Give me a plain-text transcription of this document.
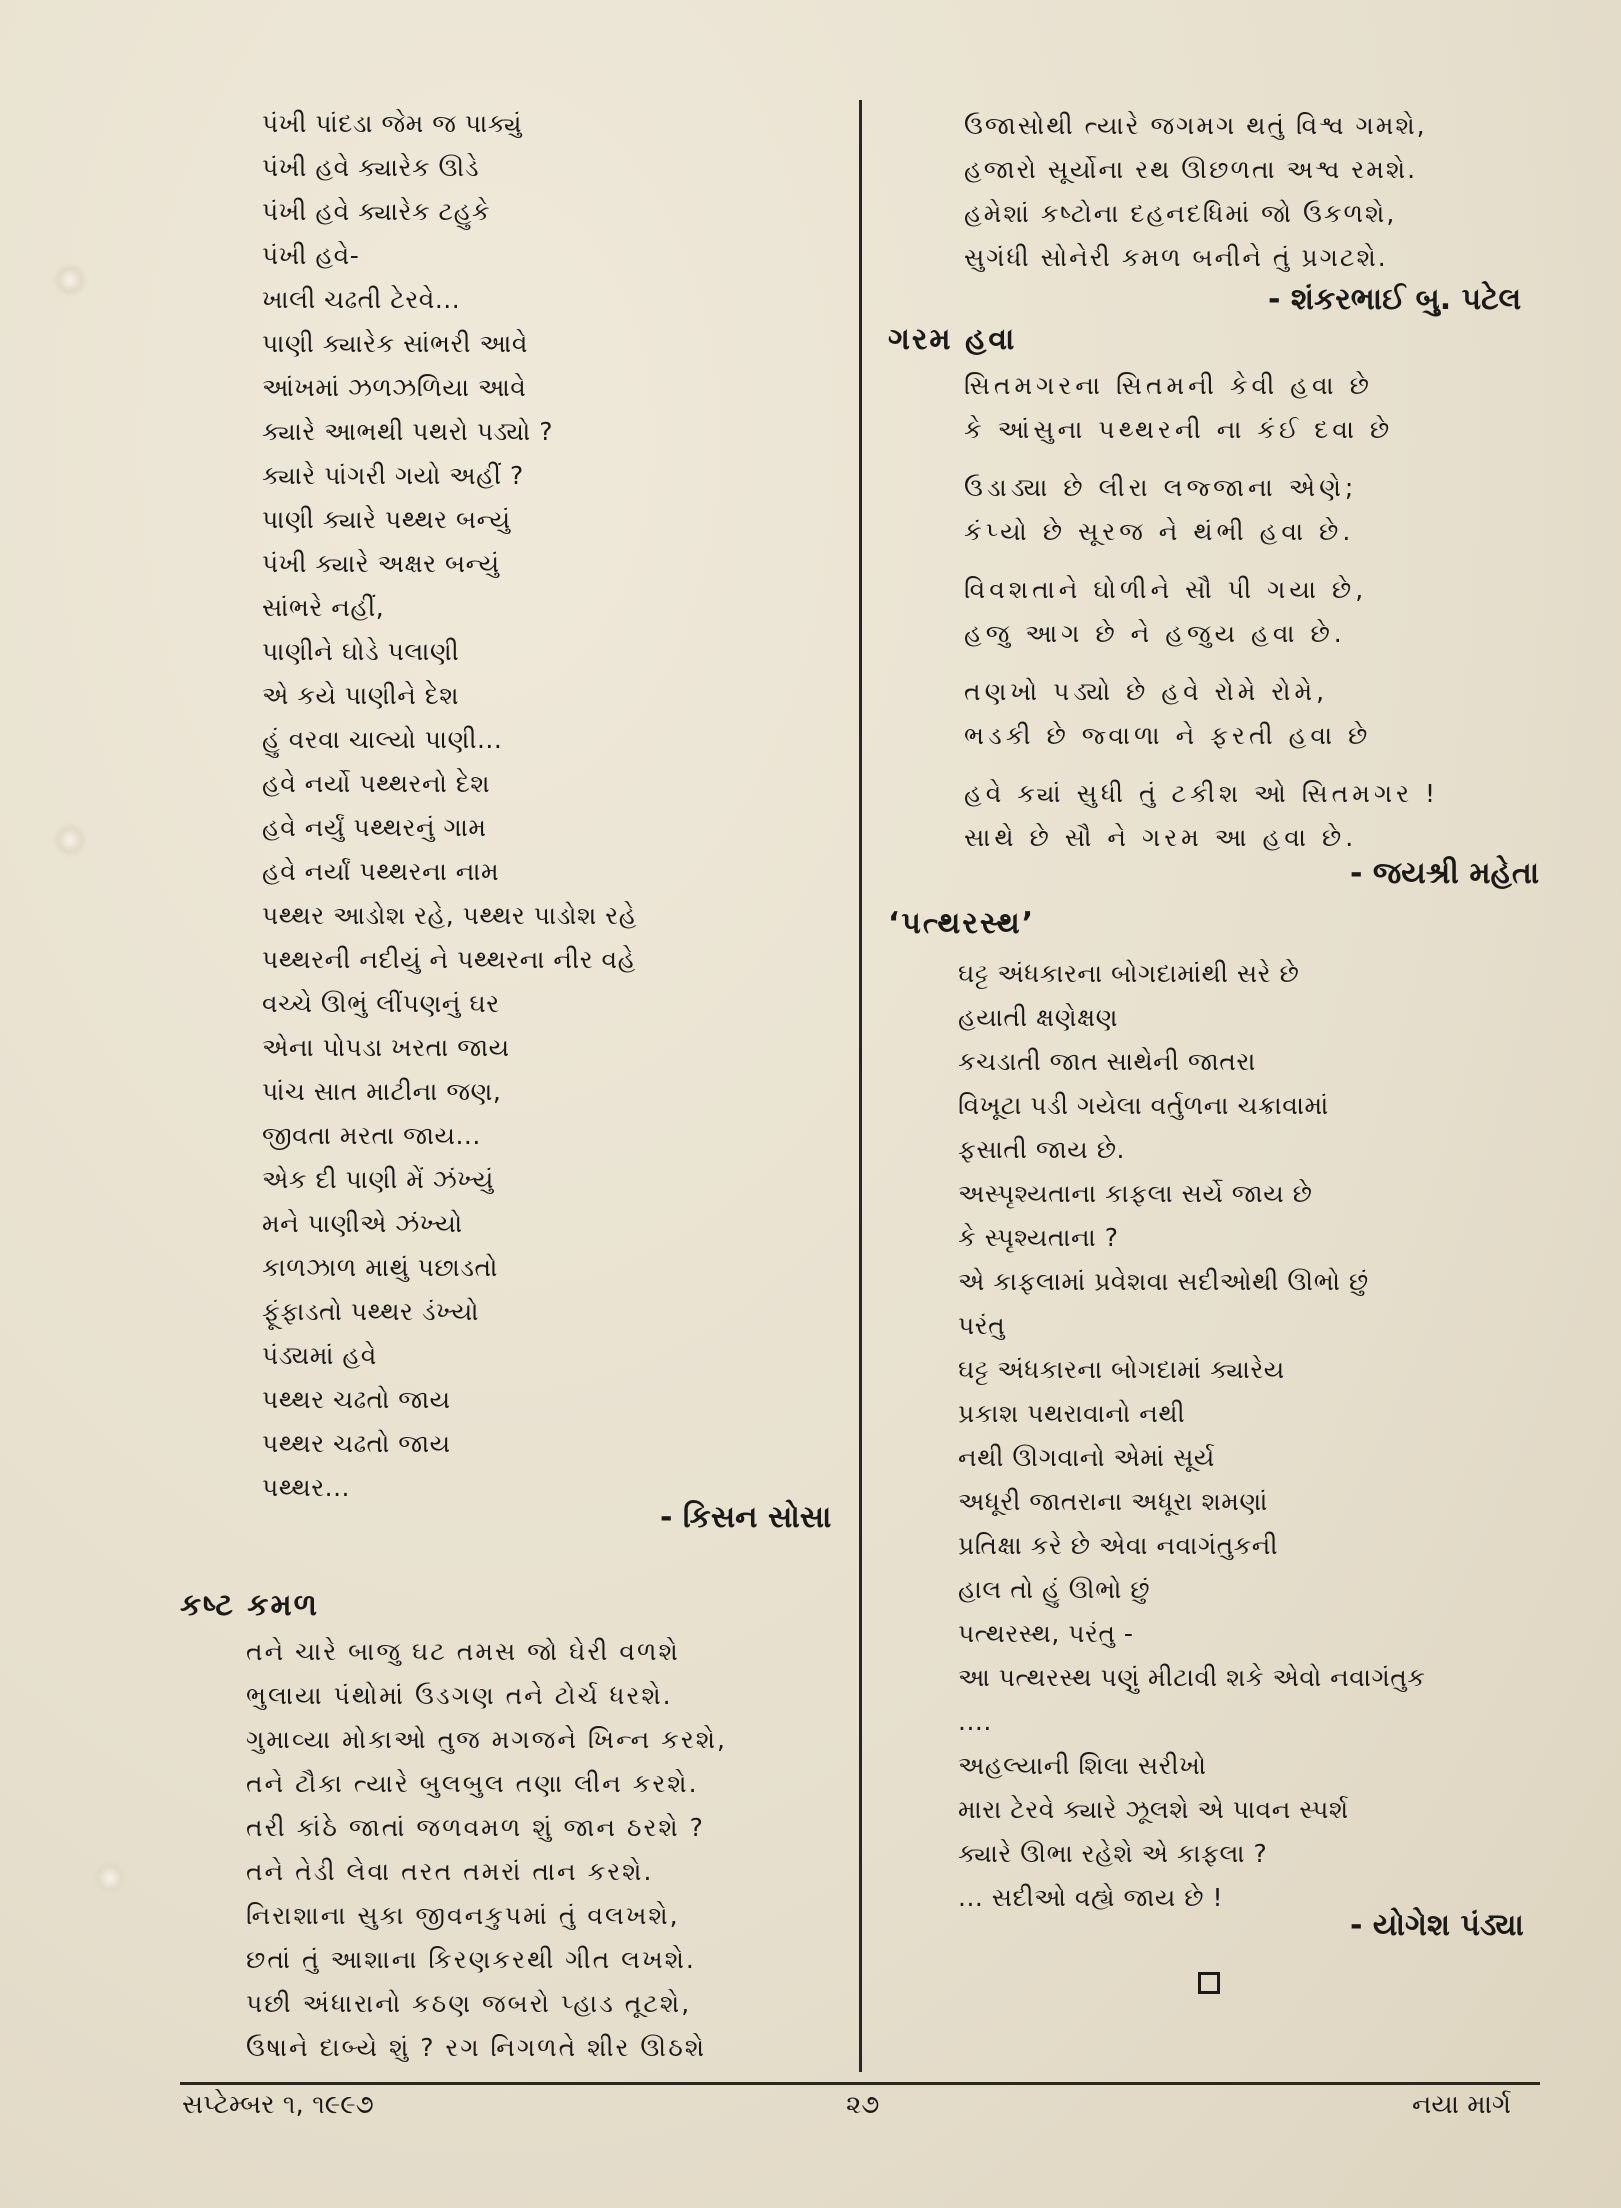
પંખી પાંદડા જેમ જ પાક્યું
પંખી હવે ક્યારેક ઊડે
પંખી હવે ક્યારેક ટહુકે
પંખી હવે-
ખાલી ચઢતી ટેરવે...
પાણી ક્યારેક સાંભરી આવે
આંખમાં ઝળઝળિયા આવે
ક્યારે આભથી પથરો પડ્યો ?
ક્યારે પાંગરી ગયો અહીં ?
પાણી ક્યારે પથ્થર બન્યું
પંખી ક્યારે અક્ષર બન્યું
સાંભરે નહીં,
પાણીને ઘોડે પલાણી
એ કયે પાણીને દેશ
હું વરવા ચાલ્યો પાણી...
હવે નર્યો પથ્થરનો દેશ
હવે નર્યું પથ્થરનું ગામ
હવે નર્યાં પથ્થરના નામ
પથ્થર આડોશ રહે, પથ્થર પાડોશ રહે
પથ્થરની નદીયું ને પથ્થરના નીર વહે
વચ્ચે ઊભું લીંપણનું ઘર
એના પોપડા ખરતા જાય
પાંચ સાત માટીના જણ,
જીવતા મરતા જાય...
એક દી પાણી મેં ઝંખ્યું
મને પાણીએ ઝંખ્યો
કાળઝાળ માથું પછાડતો
ફૂંફાડતો પથ્થર ડંખ્યો
પંડ્યમાં હવે
પથ્થર ચઢતો જાય
પથ્થર ચઢતો જાય
પથ્થર...
- કિસન સોસા
કષ્ટ કમળ
તને ચારે બાજુ ઘટ તમસ જો ઘેરી વળશે
ભુલાયા પંથોમાં ઉડગણ તને ટોર્ચ ધરશે.
ગુમાવ્યા મોકાઓ તુજ મગજને ખિન્ન કરશે,
તને ટૌકા ત્યારે બુલબુલ તણા લીન કરશે.
તરી કાંઠે જાતાં જળવમળ શું જાન ઠરશે ?
તને તેડી લેવા તરત તમરાં તાન કરશે.
નિરાશાના સુકા જીવનકુપમાં તું વલખશે,
છતાં તું આશાના કિરણકરથી ગીત લખશે.
પછી અંધારાનો કઠણ જબરો પ્હાડ તૂટશે,
ઉષાને દાબ્યે શું ? રગ નિગળતે શીર ઊઠશે
ઉજાસોથી ત્યારે જગમગ થતું વિશ્વ ગમશે,
હજારો સૂર્યોના રથ ઊછળતા અશ્વ રમશે.
હમેશાં કષ્ટોના દહનદધિમાં જો ઉકળશે,
સુગંધી સોનેરી કમળ બનીને તું પ્રગટશે.
- શંકરભાઈ બુ. પટેલ
ગરમ હવા
સિતમગરના સિતમની કેવી હવા છે
કે આંસુના પથ્થરની ના કંઈ દવા છે
ઉડાડ્યા છે લીરા લજ્જાના એણે;
કંપ્યો છે સૂરજ ને થંભી હવા છે.
વિવશતાને ઘોળીને સૌ પી ગયા છે,
હજુ આગ છે ને હજુય હવા છે.
તણખો પડ્યો છે હવે રોમે રોમે,
ભડકી છે જ્વાળા ને ફરતી હવા છે
હવે ક્યાં સુધી તું ટકીશ ઓ સિતમગર !
સાથે છે સૌ ને ગરમ આ હવા છે.
- જયશ્રી મહેતા
‘પત્થરસ્થ’
ઘટ્ટ અંધકારના બોગદામાંથી સરે છે
હયાતી ક્ષણેક્ષણ
કચડાતી જાત સાથેની જાતરા
વિખૂટા પડી ગયેલા વર્તુળના ચક્રાવામાં
ફસાતી જાય છે.
અસ્પૃશ્યતાના કાફલા સર્યે જાય છે
કે સ્પૃશ્યતાના ?
એ કાફલામાં પ્રવેશવા સદીઓથી ઊભો છું
પરંતુ
ઘટ્ટ અંધકારના બોગદામાં ક્યારેય
પ્રકાશ પથરાવાનો નથી
નથી ઊગવાનો એમાં સૂર્ય
અધૂરી જાતરાના અધૂરા શમણાં
પ્રતિક્ષા કરે છે એવા નવાગંતુકની
હાલ તો હું ઊભો છું
પત્થરસ્થ, પરંતુ -
આ પત્થરસ્થ પણું મીટાવી શકે એવો નવાગંતુક
....
અહલ્યાની શિલા સરીખો
મારા ટેરવે ક્યારે ઝૂલશે એ પાવન સ્પર્શ
ક્યારે ઊભા રહેશે એ કાફલા ?
... સદીઓ વહ્યે જાય છે !
- યોગેશ પંડ્યા
સપ્ટેમ્બર ૧, ૧૯૯૭	૨૭	નયા માર્ગ
